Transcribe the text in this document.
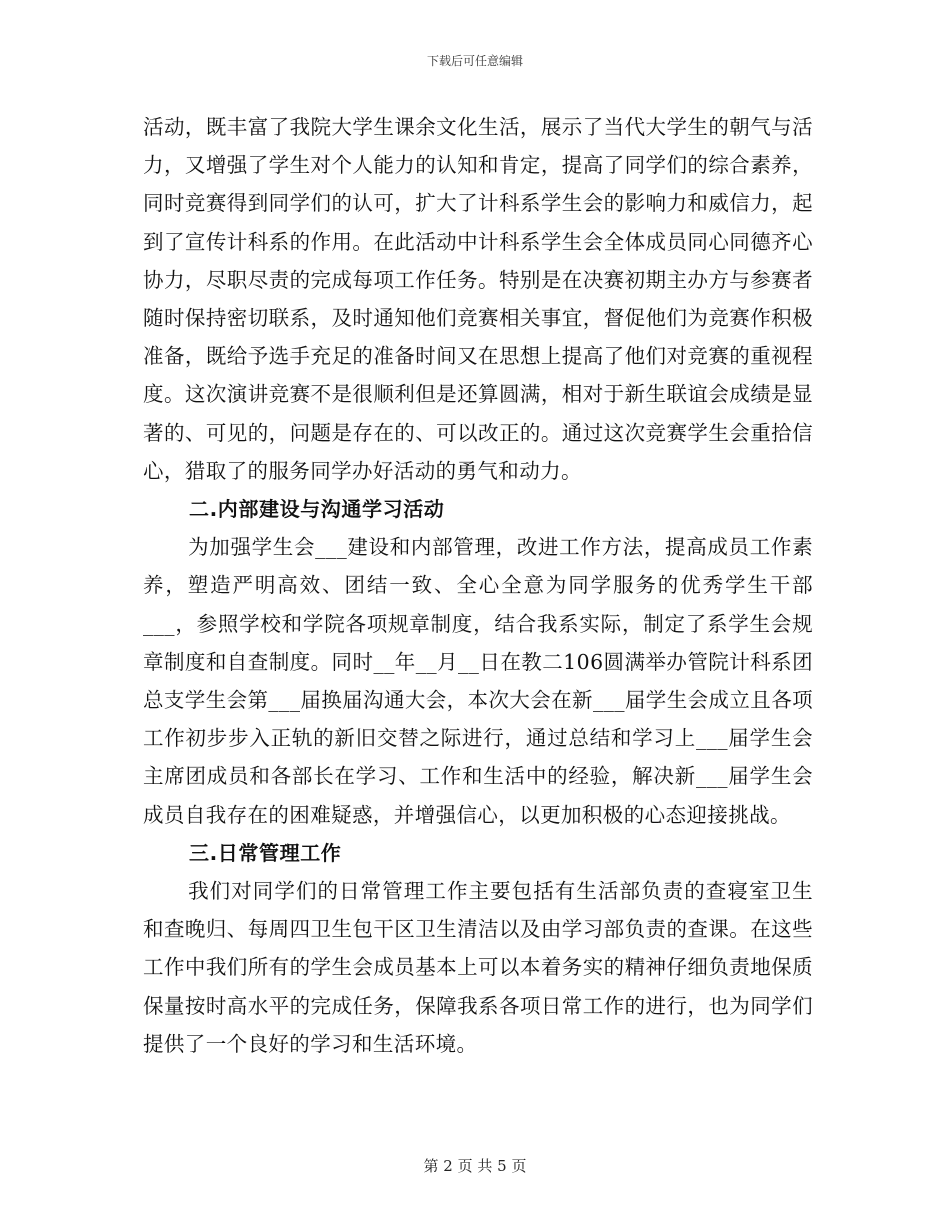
下载后可任意编辑

活动，既丰富了我院大学生课余文化生活，展示了当代大学生的朝气与活力，又增强了学生对个人能力的认知和肯定，提高了同学们的综合素养，同时竞赛得到同学们的认可，扩大了计科系学生会的影响力和威信力，起到了宣传计科系的作用。在此活动中计科系学生会全体成员同心同德齐心协力，尽职尽责的完成每项工作任务。特别是在决赛初期主办方与参赛者随时保持密切联系，及时通知他们竞赛相关事宜，督促他们为竞赛作积极准备，既给予选手充足的准备时间又在思想上提高了他们对竞赛的重视程度。这次演讲竞赛不是很顺利但是还算圆满，相对于新生联谊会成绩是显著的、可见的，问题是存在的、可以改正的。通过这次竞赛学生会重拾信心，猎取了的服务同学办好活动的勇气和动力。

二.内部建设与沟通学习活动

为加强学生会___建设和内部管理，改进工作方法，提高成员工作素养，塑造严明高效、团结一致、全心全意为同学服务的优秀学生干部___，参照学校和学院各项规章制度，结合我系实际，制定了系学生会规章制度和自查制度。同时__年__月__日在教二106圆满举办管院计科系团总支学生会第___届换届沟通大会，本次大会在新___届学生会成立且各项工作初步步入正轨的新旧交替之际进行，通过总结和学习上___届学生会主席团成员和各部长在学习、工作和生活中的经验，解决新___届学生会成员自我存在的困难疑惑，并增强信心，以更加积极的心态迎接挑战。

三.日常管理工作

我们对同学们的日常管理工作主要包括有生活部负责的查寝室卫生和查晚归、每周四卫生包干区卫生清洁以及由学习部负责的查课。在这些工作中我们所有的学生会成员基本上可以本着务实的精神仔细负责地保质保量按时高水平的完成任务，保障我系各项日常工作的进行，也为同学们提供了一个良好的学习和生活环境。

第 2 页 共 5 页
